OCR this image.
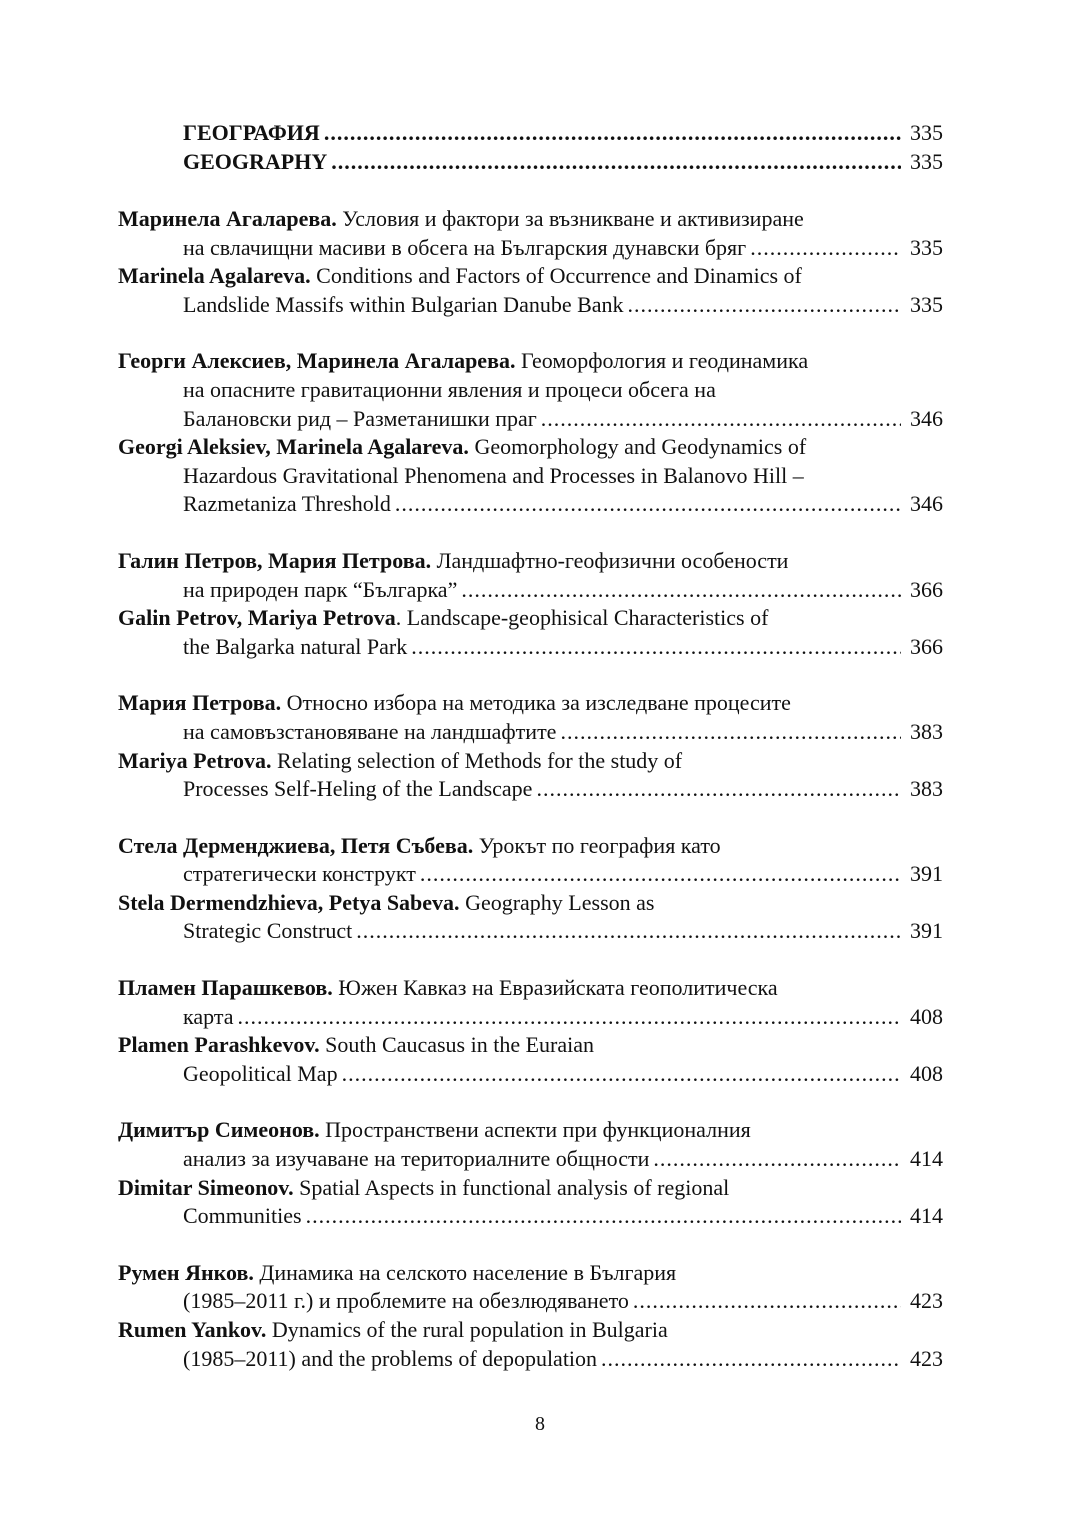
ГЕОГРАФИЯ .....	335
GEOGRAPHY .....	335
Маринела Агаларева. Условия и фактори за възникване и активизиране
на свлачищни масиви в обсега на Българския дунавски бряг .....	335
Marinela Agalareva. Conditions and Factors of Occurrence and Dinamics of
Landslide Massifs within Bulgarian Danube Bank .....	335
Георги Алексиев, Маринела Агаларева. Геоморфология и геодинамика
на опасните гравитационни явления и процеси обсега на
Балановски рид – Разметанишки праг .....	346
Georgi Aleksiev, Marinela Agalareva. Geomorphology and Geodynamics of
Hazardous Gravitational Phenomena and Processes in Balanovo Hill –
Razmetaniza Threshold .....	346
Галин Петров, Мария Петрова. Ландшафтно-геофизични особености
на природен парк “Българка” .....	366
Galin Petrov, Mariya Petrova. Landscape-geophisical Characteristics of
the Balgarka natural Park .....	366
Мария Петрова. Относно избора на методика за изследване процесите
на самовъзстановяване на ландшафтите .....	383
Mariya Petrova. Relating selection of Methods for the study of
Processes Self-Heling of the Landscape .....	383
Стела Дерменджиева, Петя Събева. Урокът по география като
стратегически конструкт .....	391
Stela Dermendzhieva, Petya Sabeva. Geography Lesson as
Strategic Construct .....	391
Пламен Парашкевов. Южен Кавказ на Евразийската геополитическа
карта .....	408
Plamen Parashkevov. South Caucasus in the Euraian
Geopolitical Map .....	408
Димитър Симеонов. Пространствени аспекти при функционалния
анализ за изучаване на териториалните общности .....	414
Dimitar Simeonov. Spatial Aspects in functional analysis of regional
Communities .....	414
Румен Янков. Динамика на селското население в България
(1985–2011 г.) и проблемите на обезлюдяването .....	423
Rumen Yankov. Dynamics of the rural population in Bulgaria
(1985–2011) and the problems of depopulation .....	423
8
